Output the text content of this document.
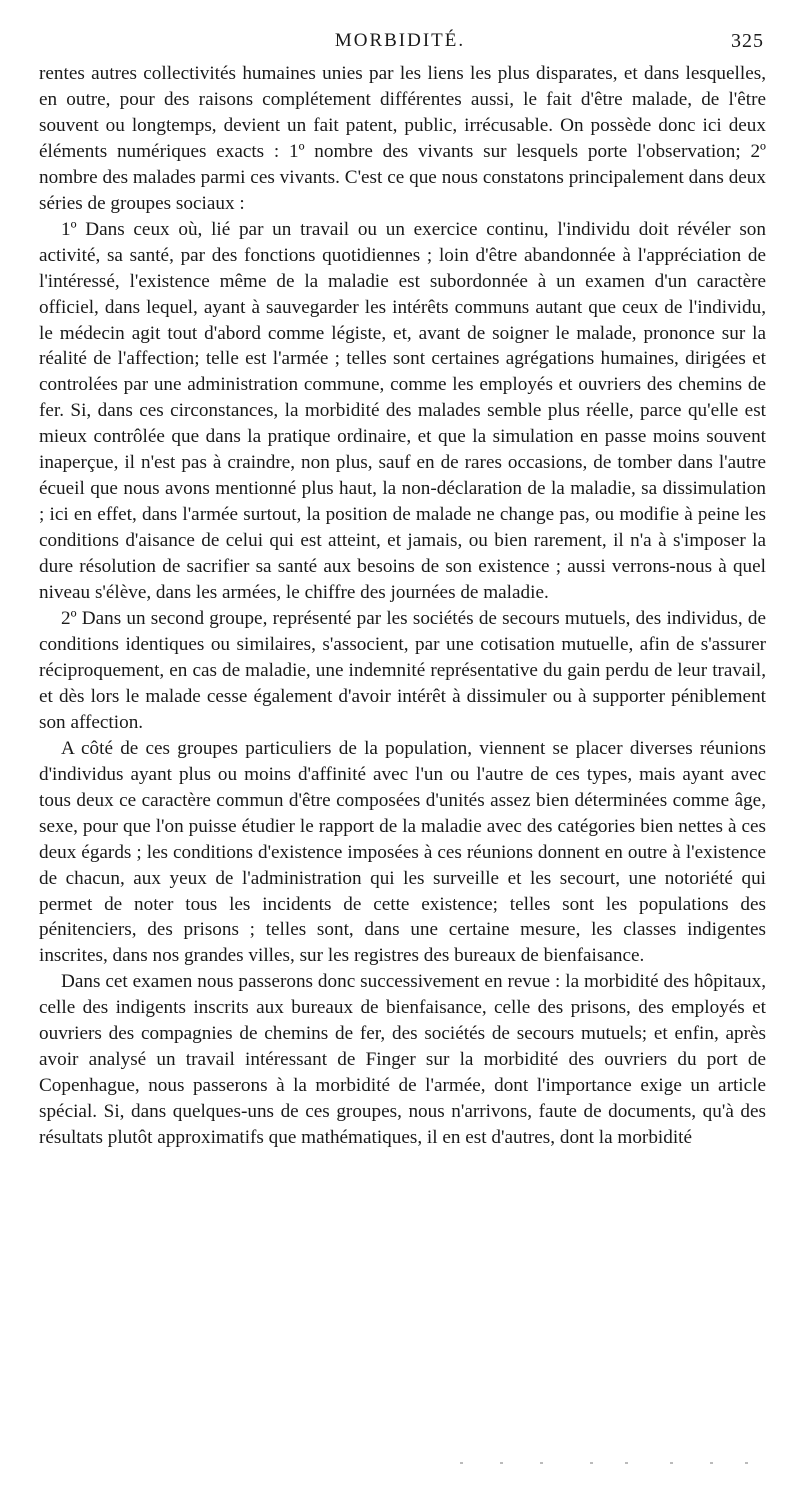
MORBIDITÉ.	325

rentes autres collectivités humaines unies par les liens les plus disparates, et dans lesquelles, en outre, pour des raisons complétement différentes aussi, le fait d'être malade, de l'être souvent ou longtemps, devient un fait patent, public, irrécusable. On possède donc ici deux éléments numériques exacts : 1º nombre des vivants sur lesquels porte l'observation; 2º nombre des malades parmi ces vivants. C'est ce que nous constatons principalement dans deux séries de groupes sociaux :

1º Dans ceux où, lié par un travail ou un exercice continu, l'individu doit révéler son activité, sa santé, par des fonctions quotidiennes ; loin d'être abandonnée à l'appréciation de l'intéressé, l'existence même de la maladie est subordonnée à un examen d'un caractère officiel, dans lequel, ayant à sauvegarder les intérêts communs autant que ceux de l'individu, le médecin agit tout d'abord comme légiste, et, avant de soigner le malade, prononce sur la réalité de l'affection; telle est l'armée ; telles sont certaines agrégations humaines, dirigées et controlées par une administration commune, comme les employés et ouvriers des chemins de fer. Si, dans ces circonstances, la morbidité des malades semble plus réelle, parce qu'elle est mieux contrôlée que dans la pratique ordinaire, et que la simulation en passe moins souvent inaperçue, il n'est pas à craindre, non plus, sauf en de rares occasions, de tomber dans l'autre écueil que nous avons mentionné plus haut, la non-déclaration de la maladie, sa dissimulation ; ici en effet, dans l'armée surtout, la position de malade ne change pas, ou modifie à peine les conditions d'aisance de celui qui est atteint, et jamais, ou bien rarement, il n'a à s'imposer la dure résolution de sacrifier sa santé aux besoins de son existence ; aussi verrons-nous à quel niveau s'élève, dans les armées, le chiffre des journées de maladie.

2º Dans un second groupe, représenté par les sociétés de secours mutuels, des individus, de conditions identiques ou similaires, s'associent, par une cotisation mutuelle, afin de s'assurer réciproquement, en cas de maladie, une indemnité représentative du gain perdu de leur travail, et dès lors le malade cesse également d'avoir intérêt à dissimuler ou à supporter péniblement son affection.

A côté de ces groupes particuliers de la population, viennent se placer diverses réunions d'individus ayant plus ou moins d'affinité avec l'un ou l'autre de ces types, mais ayant avec tous deux ce caractère commun d'être composées d'unités assez bien déterminées comme âge, sexe, pour que l'on puisse étudier le rapport de la maladie avec des catégories bien nettes à ces deux égards ; les conditions d'existence imposées à ces réunions donnent en outre à l'existence de chacun, aux yeux de l'administration qui les surveille et les secourt, une notoriété qui permet de noter tous les incidents de cette existence; telles sont les populations des pénitenciers, des prisons ; telles sont, dans une certaine mesure, les classes indigentes inscrites, dans nos grandes villes, sur les registres des bureaux de bienfaisance.

Dans cet examen nous passerons donc successivement en revue : la morbidité des hôpitaux, celle des indigents inscrits aux bureaux de bienfaisance, celle des prisons, des employés et ouvriers des compagnies de chemins de fer, des sociétés de secours mutuels; et enfin, après avoir analysé un travail intéressant de Finger sur la morbidité des ouvriers du port de Copenhague, nous passerons à la morbidité de l'armée, dont l'importance exige un article spécial. Si, dans quelques-uns de ces groupes, nous n'arrivons, faute de documents, qu'à des résultats plutôt approximatifs que mathématiques, il en est d'autres, dont la morbidité
